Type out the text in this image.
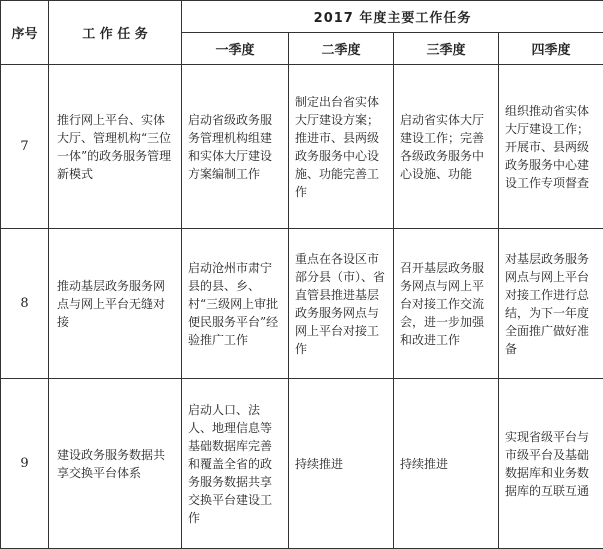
序号	工 作 任 务	2017 年度主要工作任务			
		一季度	二季度	三季度	四季度
7	推行网上平台、实体大厅、管理机构“三位一体”的政务服务管理新模式	启动省级政务服务管理机构组建和实体大厅建设方案编制工作	制定出台省实体大厅建设方案；推进市、县两级政务服务中心设施、功能完善工作	启动省实体大厅建设工作；完善各级政务服务中心设施、功能	组织推动省实体大厅建设工作；开展市、县两级政务服务中心建设工作专项督查
8	推动基层政务服务网点与网上平台无缝对接	启动沧州市肃宁县的县、乡、村“三级网上审批便民服务平台”经验推广工作	重点在各设区市部分县（市）、省直管县推进基层政务服务网点与网上平台对接工作	召开基层政务服务网点与网上平台对接工作交流会，进一步加强和改进工作	对基层政务服务网点与网上平台对接工作进行总结，为下一年度全面推广做好准备
9	建设政务服务数据共享交换平台体系	启动人口、法人、地理信息等基础数据库完善和覆盖全省的政务服务数据共享交换平台建设工作	持续推进	持续推进	实现省级平台与市级平台及基础数据库和业务数据库的互联互通
